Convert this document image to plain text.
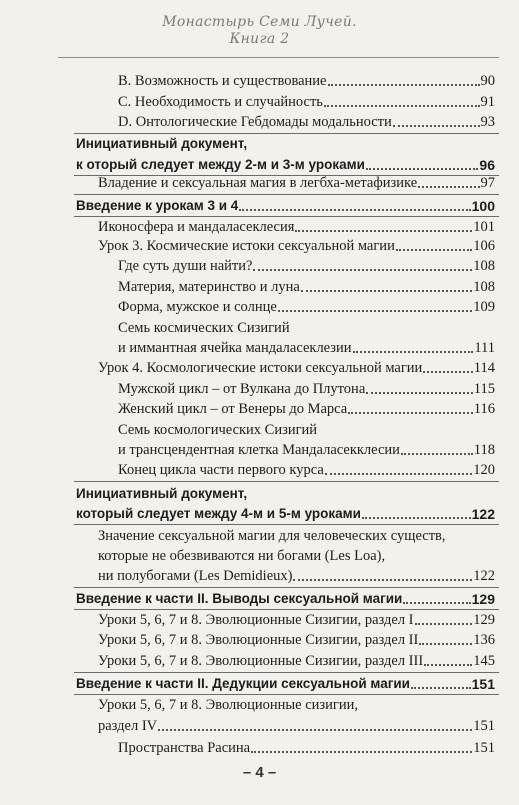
Монастырь Семи Лучей.
Книга 2
B. Возможность и существование	90
C. Необходимость и случайность	91
D. Онтологические Гебдомады модальности	93
Инициативный документ,
к оторый следует между 2-м и 3-м уроками	96
Владение и сексуальная магия в легбха-метафизике	97
Введение к урокам 3 и 4	100
Иконосфера и мандаласеклесия	101
Урок 3. Космические истоки сексуальной магии	106
Где суть души найти?	108
Материя, материнство и луна	108
Форма, мужское и солнце	109
Семь космических Сизигий
и иммантная ячейка мандаласеклезии	111
Урок 4. Космологические истоки сексуальной магии	114
Мужской цикл – от Вулкана до Плутона	115
Женский цикл – от Венеры до Марса	116
Семь космологических Сизигий
и трансцендентная клетка Мандаласекклесии	118
Конец цикла части первого курса	120
Инициативный документ,
который следует между 4-м и 5-м уроками	122
Значение сексуальной магии для человеческих существ,
которые не обезвиваются ни богами (Les Loa),
ни полубогами (Les Demidieux)	122
Введение к части II. Выводы сексуальной магии	129
Уроки 5, 6, 7 и 8. Эволюционные Сизигии, раздел I	129
Уроки 5, 6, 7 и 8. Эволюционные Сизигии, раздел II	136
Уроки 5, 6, 7 и 8. Эволюционные Сизигии, раздел III	145
Введение к части II. Дедукции сексуальной магии	151
Уроки 5, 6, 7 и 8. Эволюционные сизигии,
раздел IV	151
Пространства Расина	151
– 4 –
